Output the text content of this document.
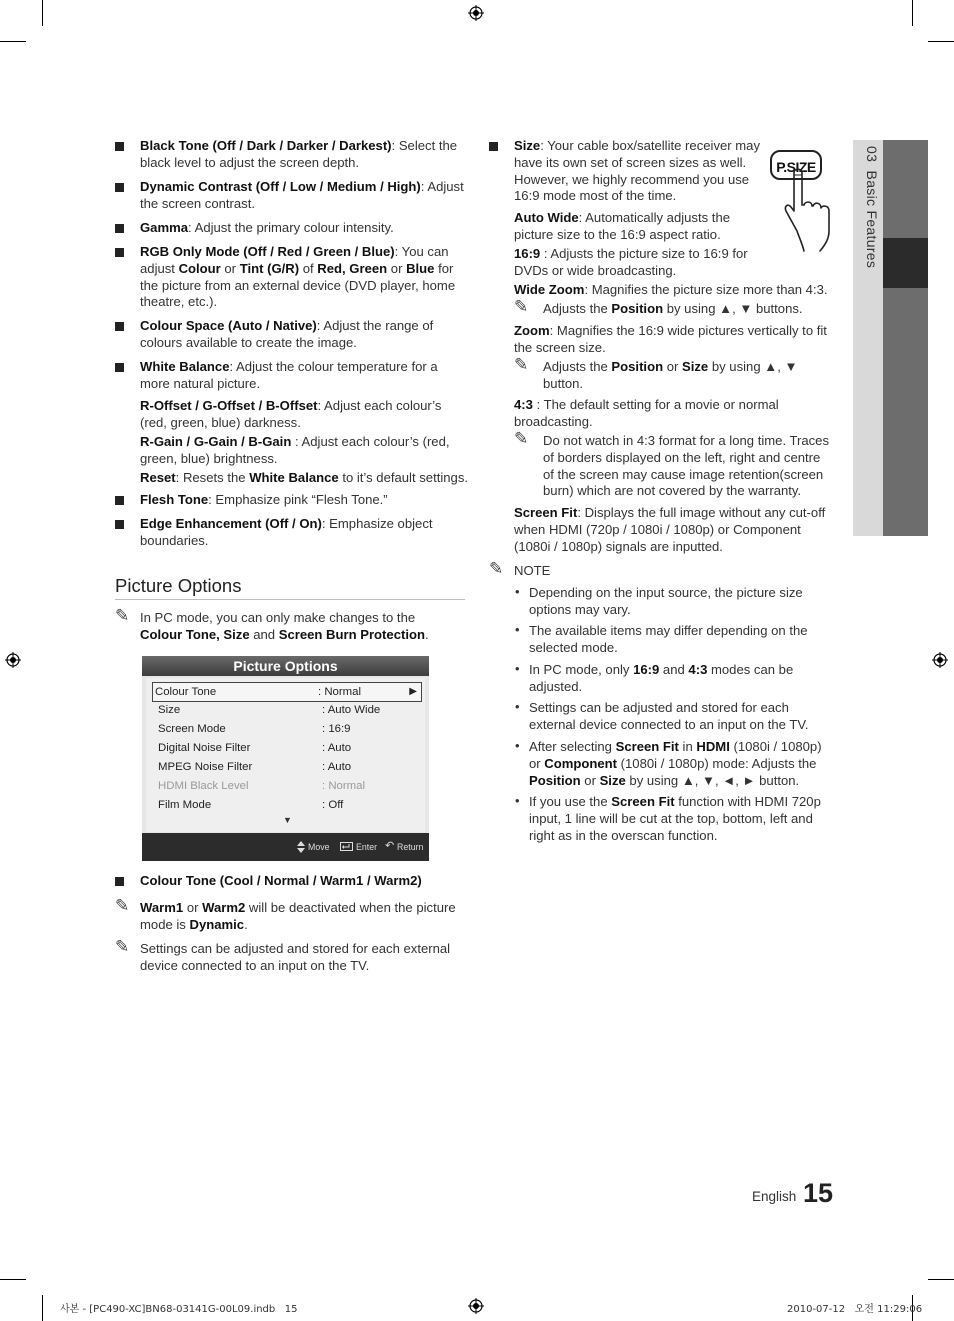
Black Tone (Off / Dark / Darker / Darkest): Select the
black level to adjust the screen depth.
Dynamic Contrast (Off / Low / Medium / High): Adjust
the screen contrast.
Gamma: Adjust the primary colour intensity.
RGB Only Mode (Off / Red / Green / Blue): You can
adjust Colour or Tint (G/R) of Red, Green or Blue for
the picture from an external device (DVD player, home
theatre, etc.).
Colour Space (Auto / Native): Adjust the range of
colours available to create the image.
White Balance: Adjust the colour temperature for a
more natural picture.
R-Offset / G-Offset / B-Offset: Adjust each colour’s
(red, green, blue) darkness.
R-Gain / G-Gain / B-Gain : Adjust each colour’s (red,
green, blue) brightness.
Reset: Resets the White Balance to it’s default settings.
Flesh Tone: Emphasize pink “Flesh Tone.”
Edge Enhancement (Off / On): Emphasize object
boundaries.
Picture Options
✎ In PC mode, you can only make changes to the
Colour Tone, Size and Screen Burn Protection.
Picture Options
Colour Tone	: Normal	▶
Size	: Auto Wide
Screen Mode	: 16:9
Digital Noise Filter	: Auto
MPEG Noise Filter	: Auto
HDMI Black Level	: Normal
Film Mode	: Off
▼
Move	Enter ↶ Return
Colour Tone (Cool / Normal / Warm1 / Warm2)
✎ Warm1 or Warm2 will be deactivated when the picture
mode is Dynamic.
✎ Settings can be adjusted and stored for each external
device connected to an input on the TV.
Size: Your cable box/satellite receiver may
have its own set of screen sizes as well.
However, we highly recommend you use
16:9 mode most of the time.
P.SIZE
Auto Wide: Automatically adjusts the
picture size to the 16:9 aspect ratio.
16:9 : Adjusts the picture size to 16:9 for
DVDs or wide broadcasting.
Wide Zoom: Magnifies the picture size more than 4:3.
✎ Adjusts the Position by using ▲, ▼ buttons.
Zoom: Magnifies the 16:9 wide pictures vertically to fit
the screen size.
✎ Adjusts the Position or Size by using ▲, ▼
button.
4:3 : The default setting for a movie or normal
broadcasting.
✎ Do not watch in 4:3 format for a long time. Traces
of borders displayed on the left, right and centre
of the screen may cause image retention(screen
burn) which are not covered by the warranty.
Screen Fit: Displays the full image without any cut-off
when HDMI (720p / 1080i / 1080p) or Component
(1080i / 1080p) signals are inputted.
✎ NOTE
• Depending on the input source, the picture size
options may vary.
• The available items may differ depending on the
selected mode.
• In PC mode, only 16:9 and 4:3 modes can be
adjusted.
• Settings can be adjusted and stored for each
external device connected to an input on the TV.
• After selecting Screen Fit in HDMI (1080i / 1080p)
or Component (1080i / 1080p) mode: Adjusts the
Position or Size by using ▲, ▼, ◄, ► button.
• If you use the Screen Fit function with HDMI 720p
input, 1 line will be cut at the top, bottom, left and
right as in the overscan function.
03  Basic Features
English 15
사본 - [PC490-XC]BN68-03141G-00L09.indb   15	2010-07-12   오전 11:29:06
